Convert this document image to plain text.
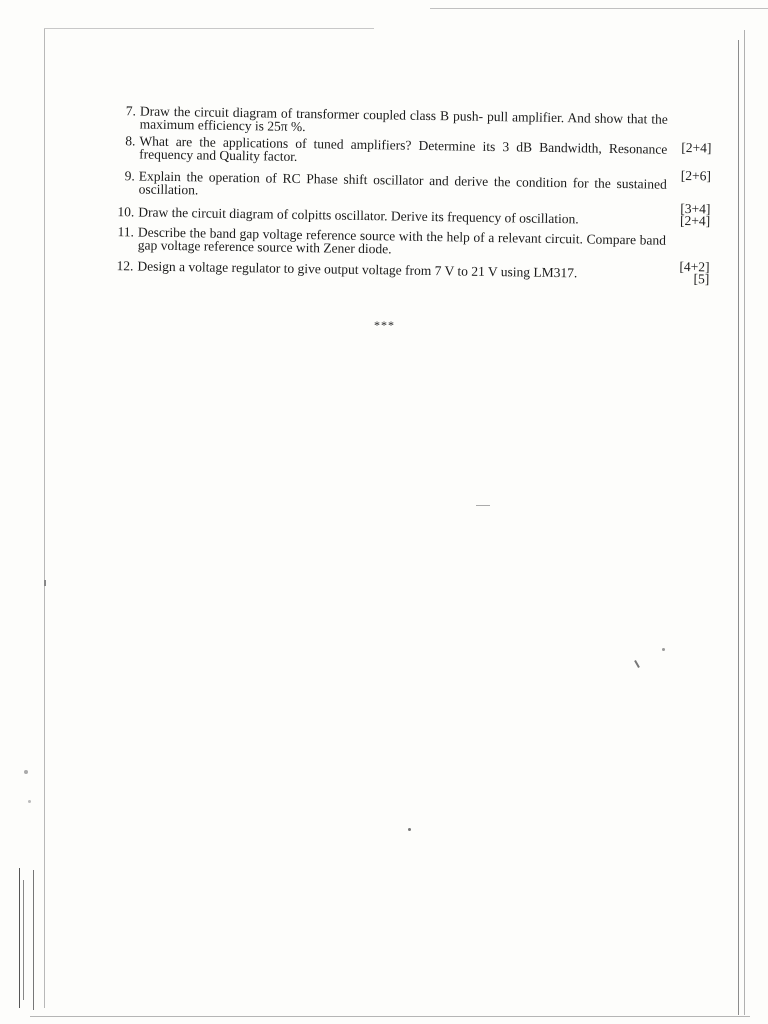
7. Draw the circuit diagram of transformer coupled class B push- pull amplifier. And show that the maximum efficiency is 25π %.
[2+4]
8. What are the applications of tuned amplifiers? Determine its 3 dB Bandwidth, Resonance frequency and Quality factor.
[2+6]
9. Explain the operation of RC Phase shift oscillator and derive the condition for the sustained oscillation.
[3+4]
10. Draw the circuit diagram of colpitts oscillator. Derive its frequency of oscillation.	[2+4]
11. Describe the band gap voltage reference source with the help of a relevant circuit. Compare band gap voltage reference source with Zener diode.
[4+2]
12. Design a voltage regulator to give output voltage from 7 V to 21 V using LM317.	[5]
***
